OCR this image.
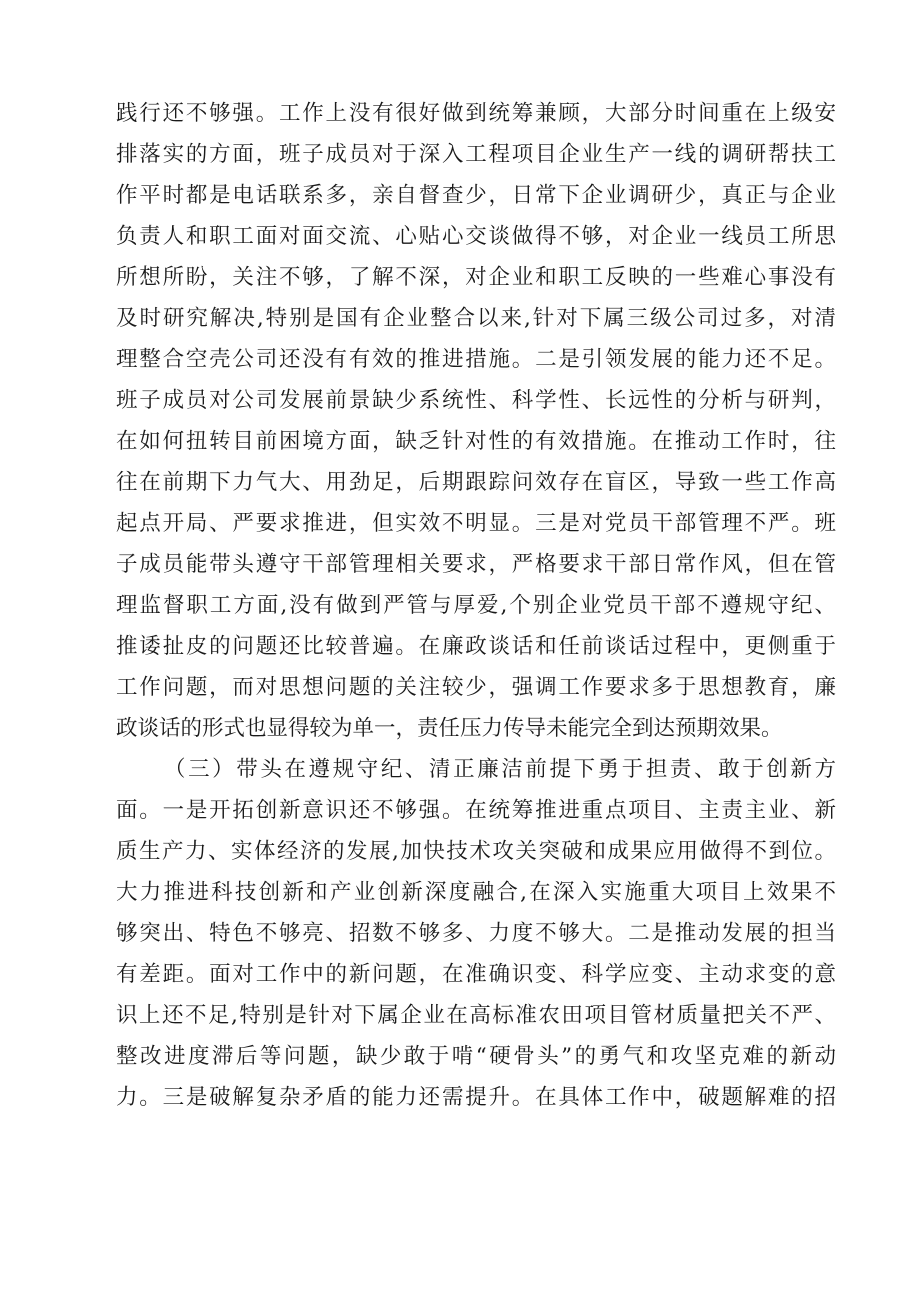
践行还不够强。工作上没有很好做到统筹兼顾，大部分时间重在上级安
排落实的方面，班子成员对于深入工程项目企业生产一线的调研帮扶工
作平时都是电话联系多，亲自督查少，日常下企业调研少，真正与企业
负责人和职工面对面交流、心贴心交谈做得不够，对企业一线员工所思
所想所盼，关注不够，了解不深，对企业和职工反映的一些难心事没有
及时研究解决,特别是国有企业整合以来,针对下属三级公司过多，对清
理整合空壳公司还没有有效的推进措施。二是引领发展的能力还不足。
班子成员对公司发展前景缺少系统性、科学性、长远性的分析与研判，
在如何扭转目前困境方面，缺乏针对性的有效措施。在推动工作时，往
往在前期下力气大、用劲足，后期跟踪问效存在盲区，导致一些工作高
起点开局、严要求推进，但实效不明显。三是对党员干部管理不严。班
子成员能带头遵守干部管理相关要求，严格要求干部日常作风，但在管
理监督职工方面,没有做到严管与厚爱,个别企业党员干部不遵规守纪、
推诿扯皮的问题还比较普遍。在廉政谈话和任前谈话过程中，更侧重于
工作问题，而对思想问题的关注较少，强调工作要求多于思想教育，廉
政谈话的形式也显得较为单一，责任压力传导未能完全到达预期效果。
（三）带头在遵规守纪、清正廉洁前提下勇于担责、敢于创新方
面。一是开拓创新意识还不够强。在统筹推进重点项目、主责主业、新
质生产力、实体经济的发展,加快技术攻关突破和成果应用做得不到位。
大力推进科技创新和产业创新深度融合,在深入实施重大项目上效果不
够突出、特色不够亮、招数不够多、力度不够大。二是推动发展的担当
有差距。面对工作中的新问题，在准确识变、科学应变、主动求变的意
识上还不足,特别是针对下属企业在高标准农田项目管材质量把关不严、
整改进度滞后等问题，缺少敢于啃“硬骨头”的勇气和攻坚克难的新动
力。三是破解复杂矛盾的能力还需提升。在具体工作中，破题解难的招
